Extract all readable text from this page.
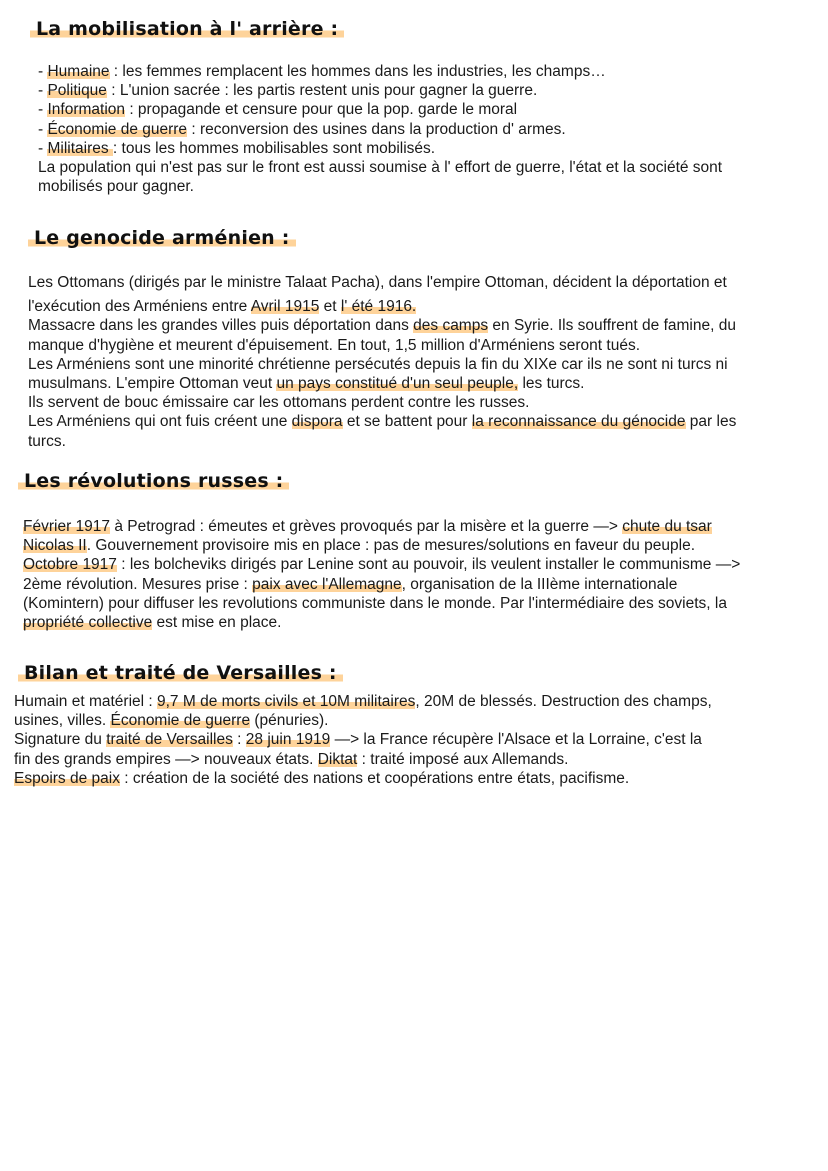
La mobilisation à l' arrière :
- Humaine : les femmes remplacent les hommes dans les industries, les champs…
- Politique : L'union sacrée : les partis restent unis pour gagner la guerre.
- Information : propagande et censure pour que la pop. garde le moral
- Économie de guerre : reconversion des usines dans la production d' armes.
- Militaires : tous les hommes mobilisables sont mobilisés.
La population qui n'est pas sur le front est aussi soumise à l' effort de guerre, l'état et la société sont
mobilisés pour gagner.
Le genocide arménien :
Les Ottomans (dirigés par le ministre Talaat Pacha), dans l'empire Ottoman, décident la déportation et
l'exécution des Arméniens entre Avril 1915 et l' été 1916.
Massacre dans les grandes villes puis déportation dans des camps en Syrie. Ils souffrent de famine, du
manque d'hygiène et meurent d'épuisement. En tout, 1,5 million d'Arméniens seront tués.
Les Arméniens sont une minorité chrétienne persécutés depuis la fin du XIXe car ils ne sont ni turcs ni
musulmans. L'empire Ottoman veut un pays constitué d'un seul peuple, les turcs.
Ils servent de bouc émissaire car les ottomans perdent contre les russes.
Les Arméniens qui ont fuis créent une dispora et se battent pour la reconnaissance du génocide par les
turcs.
Les révolutions russes :
Février 1917 à Petrograd : émeutes et grèves provoqués par la misère et la guerre —> chute du tsar
Nicolas II. Gouvernement provisoire mis en place : pas de mesures/solutions en faveur du peuple.
Octobre 1917 : les bolcheviks dirigés par Lenine sont au pouvoir, ils veulent installer le communisme —>
2ème révolution. Mesures prise : paix avec l'Allemagne, organisation de la IIIème internationale
(Komintern) pour diffuser les revolutions communiste dans le monde. Par l'intermédiaire des soviets, la
propriété collective est mise en place.
Bilan et traité de Versailles :
Humain et matériel : 9,7 M de morts civils et 10M militaires, 20M de blessés. Destruction des champs,
usines, villes. Économie de guerre (pénuries).
Signature du traité de Versailles : 28 juin 1919 —> la France récupère l'Alsace et la Lorraine, c'est la
fin des grands empires —> nouveaux états. Diktat : traité imposé aux Allemands.
Espoirs de paix : création de la société des nations et coopérations entre états, pacifisme.
